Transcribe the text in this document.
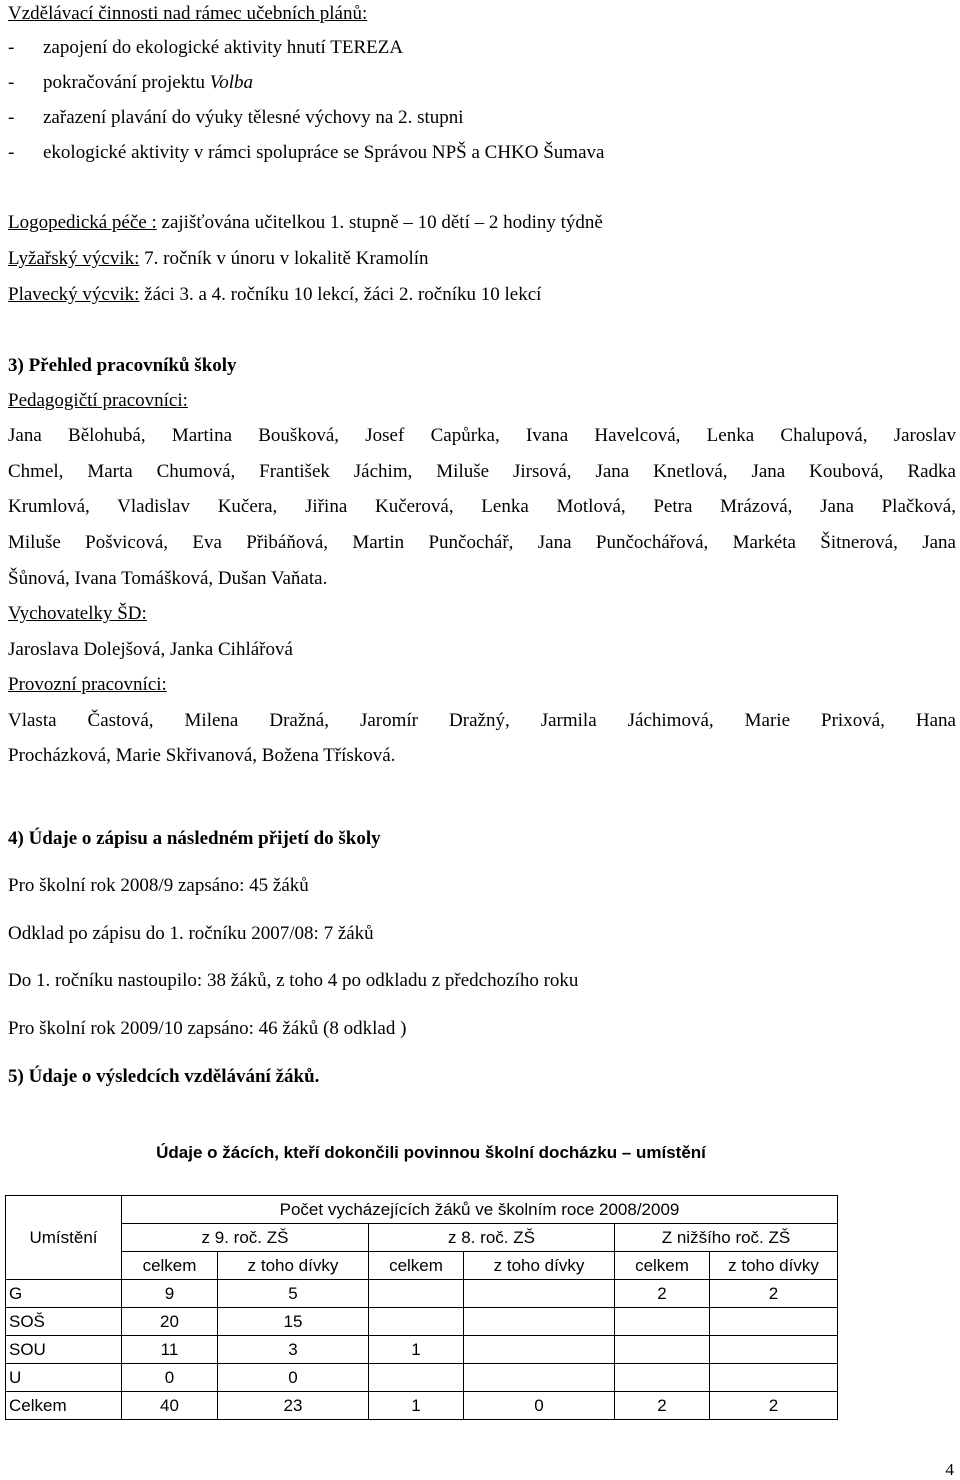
Vzdělávací činnosti nad rámec učebních plánů:
- zapojení do ekologické aktivity hnutí TEREZA
- pokračování projektu Volba
- zařazení plavání do výuky tělesné výchovy na 2. stupni
- ekologické aktivity v rámci spolupráce se Správou NPŠ a CHKO Šumava
Logopedická péče : zajišťována učitelkou 1. stupně – 10 dětí – 2 hodiny týdně
Lyžařský výcvik: 7. ročník v únoru v lokalitě Kramolín
Plavecký výcvik: žáci 3. a 4. ročníku 10 lekcí, žáci 2. ročníku 10 lekcí
3) Přehled pracovníků školy
Pedagogičtí pracovníci:
Jana Bělohubá, Martina Boušková, Josef Capůrka, Ivana Havelcová, Lenka Chalupová, Jaroslav
Chmel, Marta Chumová, František Jáchim, Miluše Jirsová, Jana Knetlová, Jana Koubová, Radka
Krumlová, Vladislav Kučera, Jiřina Kučerová, Lenka Motlová, Petra Mrázová, Jana Plačková,
Miluše Pošvicová, Eva Přibáňová, Martin Punčochář, Jana Punčochářová, Markéta Šitnerová, Jana
Šůnová, Ivana Tomášková, Dušan Vaňata.
Vychovatelky ŠD:
Jaroslava Dolejšová, Janka Cihlářová
Provozní pracovníci:
Vlasta Častová, Milena Dražná, Jaromír Dražný, Jarmila Jáchimová, Marie Prixová, Hana
Procházková, Marie Skřivanová, Božena Třísková.
4) Údaje o zápisu a následném přijetí do školy
Pro školní rok 2008/9 zapsáno: 45 žáků
Odklad po zápisu do 1. ročníku 2007/08: 7 žáků
Do 1. ročníku nastoupilo: 38 žáků, z toho 4 po odkladu z předchozího roku
Pro školní rok 2009/10 zapsáno: 46 žáků (8 odklad )
5) Údaje o výsledcích vzdělávání žáků.
Údaje o žácích, kteří dokončili povinnou školní docházku – umístění
Umístění	Počet vycházejících žáků ve školním roce 2008/2009					
	z 9. roč. ZŠ		z 8. roč. ZŠ		Z nižšího roč. ZŠ	
	celkem	z toho dívky	celkem	z toho dívky	celkem	z toho dívky
G	9	5			2	2
SOŠ	20	15				
SOU	11	3	1			
U	0	0				
Celkem	40	23	1	0	2	2
4
